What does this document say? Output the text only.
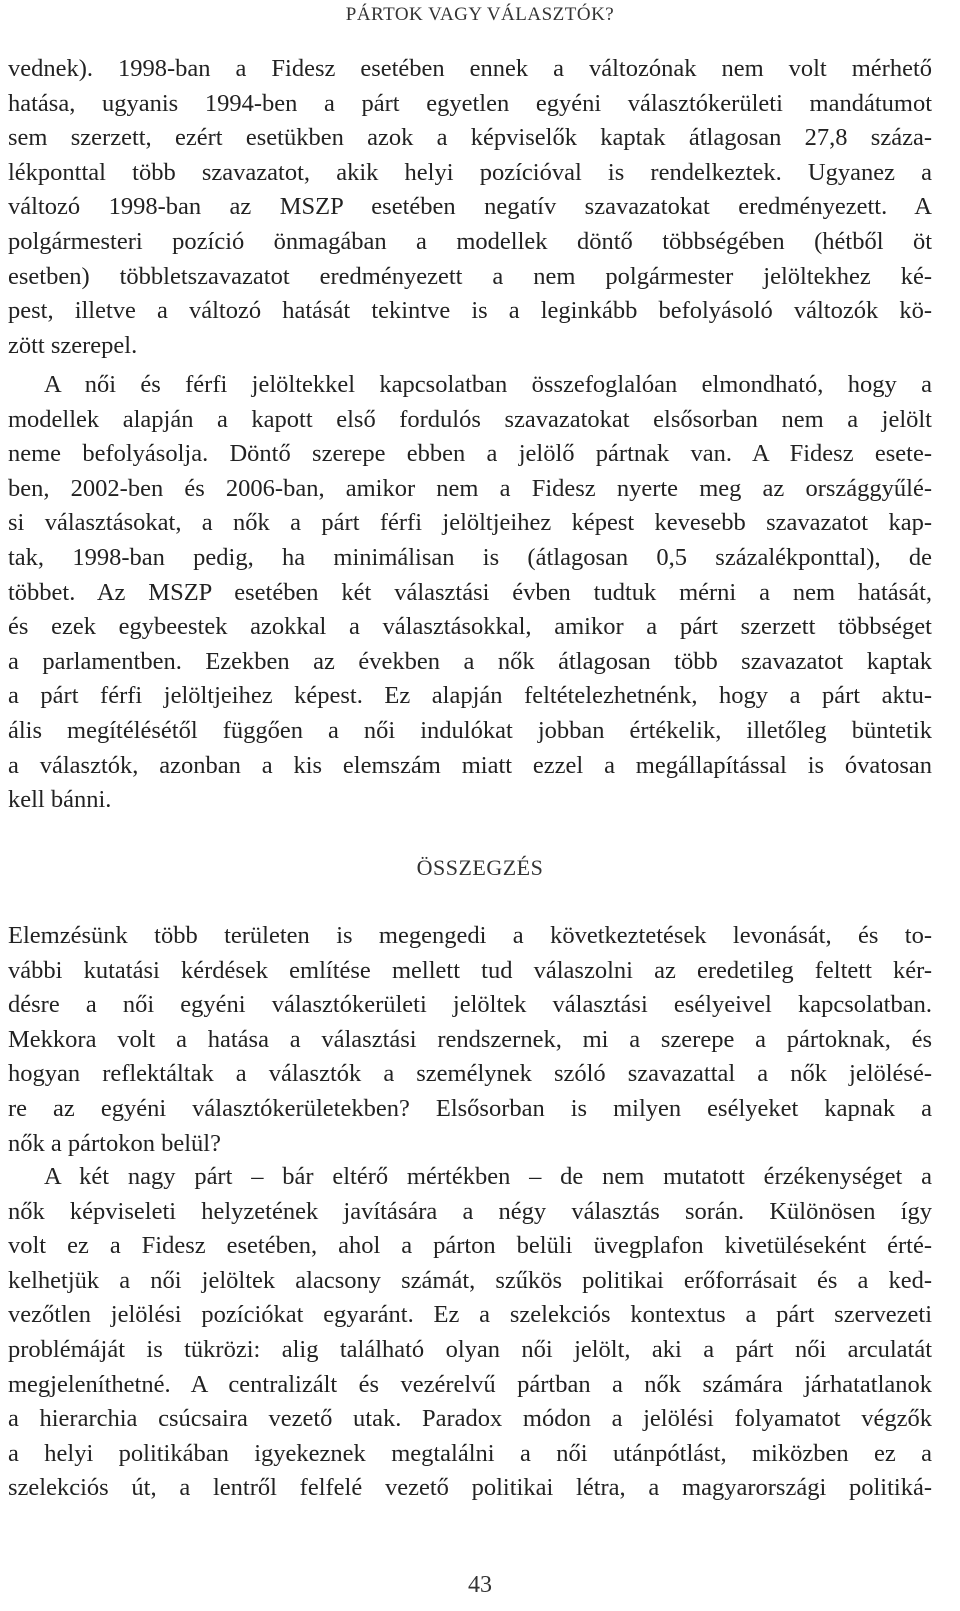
PÁRTOK VAGY VÁLASZTÓK?
vednek). 1998-ban a Fidesz esetében ennek a változónak nem volt mérhető
hatása, ugyanis 1994-ben a párt egyetlen egyéni választókerületi mandátumot
sem szerzett, ezért esetükben azok a képviselők kaptak átlagosan 27,8 száza-
lékponttal több szavazatot, akik helyi pozícióval is rendelkeztek. Ugyanez a
változó 1998-ban az MSZP esetében negatív szavazatokat eredményezett. A
polgármesteri pozíció önmagában a modellek döntő többségében (hétből öt
esetben) többletszavazatot eredményezett a nem polgármester jelöltekhez ké-
pest, illetve a változó hatását tekintve is a leginkább befolyásoló változók kö-
zött szerepel.
A női és férfi jelöltekkel kapcsolatban összefoglalóan elmondható, hogy a
modellek alapján a kapott első fordulós szavazatokat elsősorban nem a jelölt
neme befolyásolja. Döntő szerepe ebben a jelölő pártnak van. A Fidesz esete-
ben, 2002-ben és 2006-ban, amikor nem a Fidesz nyerte meg az országgyűlé-
si választásokat, a nők a párt férfi jelöltjeihez képest kevesebb szavazatot kap-
tak, 1998-ban pedig, ha minimálisan is (átlagosan 0,5 százalékponttal), de
többet. Az MSZP esetében két választási évben tudtuk mérni a nem hatását,
és ezek egybeestek azokkal a választásokkal, amikor a párt szerzett többséget
a parlamentben. Ezekben az években a nők átlagosan több szavazatot kaptak
a párt férfi jelöltjeihez képest. Ez alapján feltételezhetnénk, hogy a párt aktu-
ális megítélésétől függően a női indulókat jobban értékelik, illetőleg büntetik
a választók, azonban a kis elemszám miatt ezzel a megállapítással is óvatosan
kell bánni.
ÖSSZEGZÉS
Elemzésünk több területen is megengedi a következtetések levonását, és to-
vábbi kutatási kérdések említése mellett tud válaszolni az eredetileg feltett kér-
désre a női egyéni választókerületi jelöltek választási esélyeivel kapcsolatban.
Mekkora volt a hatása a választási rendszernek, mi a szerepe a pártoknak, és
hogyan reflektáltak a választók a személynek szóló szavazattal a nők jelölésé-
re az egyéni választókerületekben? Elsősorban is milyen esélyeket kapnak a
nők a pártokon belül?
A két nagy párt – bár eltérő mértékben – de nem mutatott érzékenységet a
nők képviseleti helyzetének javítására a négy választás során. Különösen így
volt ez a Fidesz esetében, ahol a párton belüli üvegplafon kivetüléseként érté-
kelhetjük a női jelöltek alacsony számát, szűkös politikai erőforrásait és a ked-
vezőtlen jelölési pozíciókat egyaránt. Ez a szelekciós kontextus a párt szervezeti
problémáját is tükrözi: alig található olyan női jelölt, aki a párt női arculatát
megjeleníthetné. A centralizált és vezérelvű pártban a nők számára járhatatlanok
a hierarchia csúcsaira vezető utak. Paradox módon a jelölési folyamatot végzők
a helyi politikában igyekeznek megtalálni a női utánpótlást, miközben ez a
szelekciós út, a lentről felfelé vezető politikai létra, a magyarországi politiká-
43
